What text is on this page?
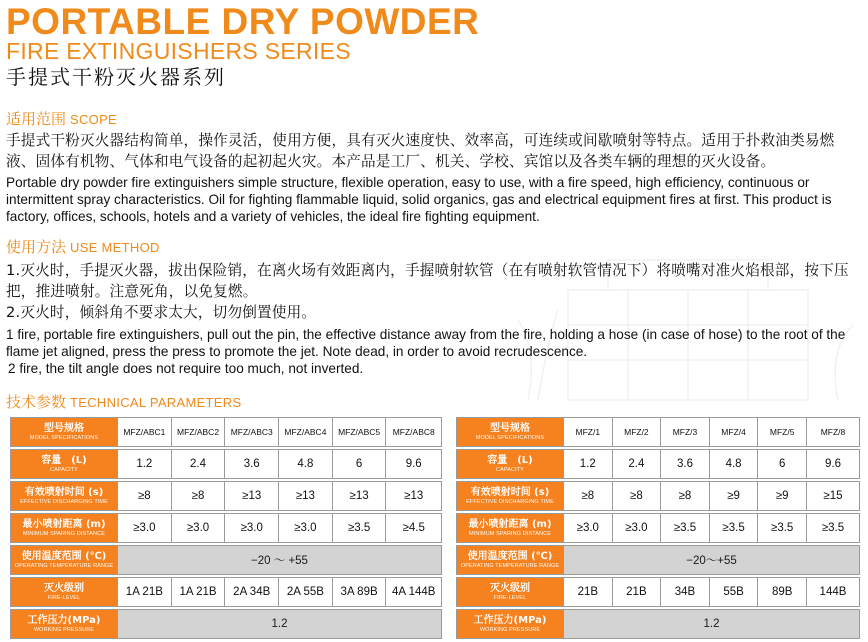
PORTABLE DRY POWDER
FIRE EXTINGUISHERS SERIES
手提式干粉灭火器系列
适用范围 SCOPE
手提式干粉灭火器结构简单，操作灵活，使用方便，具有灭火速度快、效率高，可连续或间歇喷射等特点。适用于扑救油类易燃液、固体有机物、气体和电气设备的起初起火灾。本产品是工厂、机关、学校、宾馆以及各类车辆的理想的灭火设备。
Portable dry powder fire extinguishers simple structure, flexible operation, easy to use, with a fire speed, high efficiency, continuous or intermittent spray characteristics. Oil for fighting flammable liquid, solid organics, gas and electrical equipment fires at first. This product is factory, offices, schools, hotels and a variety of vehicles, the ideal fire fighting equipment.
使用方法 USE METHOD
1.灭火时，手提灭火器，拔出保险销，在离火场有效距离内，手握喷射软管（在有喷射软管情况下）将喷嘴对准火焰根部，按下压把，推进喷射。注意死角，以免复燃。
2.灭火时，倾斜角不要求太大，切勿倒置使用。
1 fire, portable fire extinguishers, pull out the pin, the effective distance away from the fire, holding a hose (in case of hose) to the root of the flame jet aligned, press the press to promote the jet. Note dead, in order to avoid recrudescence.
2 fire, the tilt angle does not require too much, not inverted.
技术参数 TECHNICAL PARAMETERS
型号规格
MODEL SPECIFICATIONS	MFZ/ABC1	MFZ/ABC2	MFZ/ABC3	MFZ/ABC4	MFZ/ABC5	MFZ/ABC8

容量　(L)
CAPACITY	1.2	2.4	3.6	4.8	6	9.6

有效喷射时间 (s)
EFFECTIVE DISCHARGING TIME	≥8	≥8	≥13	≥13	≥13	≥13

最小喷射距离 (m)
MINIMUM SPARING DISTANCE	≥3.0	≥3.0	≥3.0	≥3.0	≥3.5	≥4.5

使用温度范围 (℃)
OPERATING TEMPERATURE RANGE	−20 ～ +55					

灭火级别
FIRE-LEVEL	1A 21B	1A 21B	2A 34B	2A 55B	3A 89B	4A 144B

工作压力(MPa)
WORKING PRESSURE	1.2					
型号规格
MODEL SPECIFICATIONS	MFZ/1	MFZ/2	MFZ/3	MFZ/4	MFZ/5	MFZ/8

容量　(L)
CAPACITY	1.2	2.4	3.6	4.8	6	9.6

有效喷射时间 (s)
EFFECTIVE DISCHARGING TIME	≥8	≥8	≥8	≥9	≥9	≥15

最小喷射距离 (m)
MINIMUM SPARING DISTANCE	≥3.0	≥3.0	≥3.5	≥3.5	≥3.5	≥3.5

使用温度范围 (℃)
OPERATING TEMPERATURE RANGE	−20～+55					

灭火级别
FIRE-LEVEL	21B	21B	34B	55B	89B	144B

工作压力(MPa)
WORKING PRESSURE	1.2					
